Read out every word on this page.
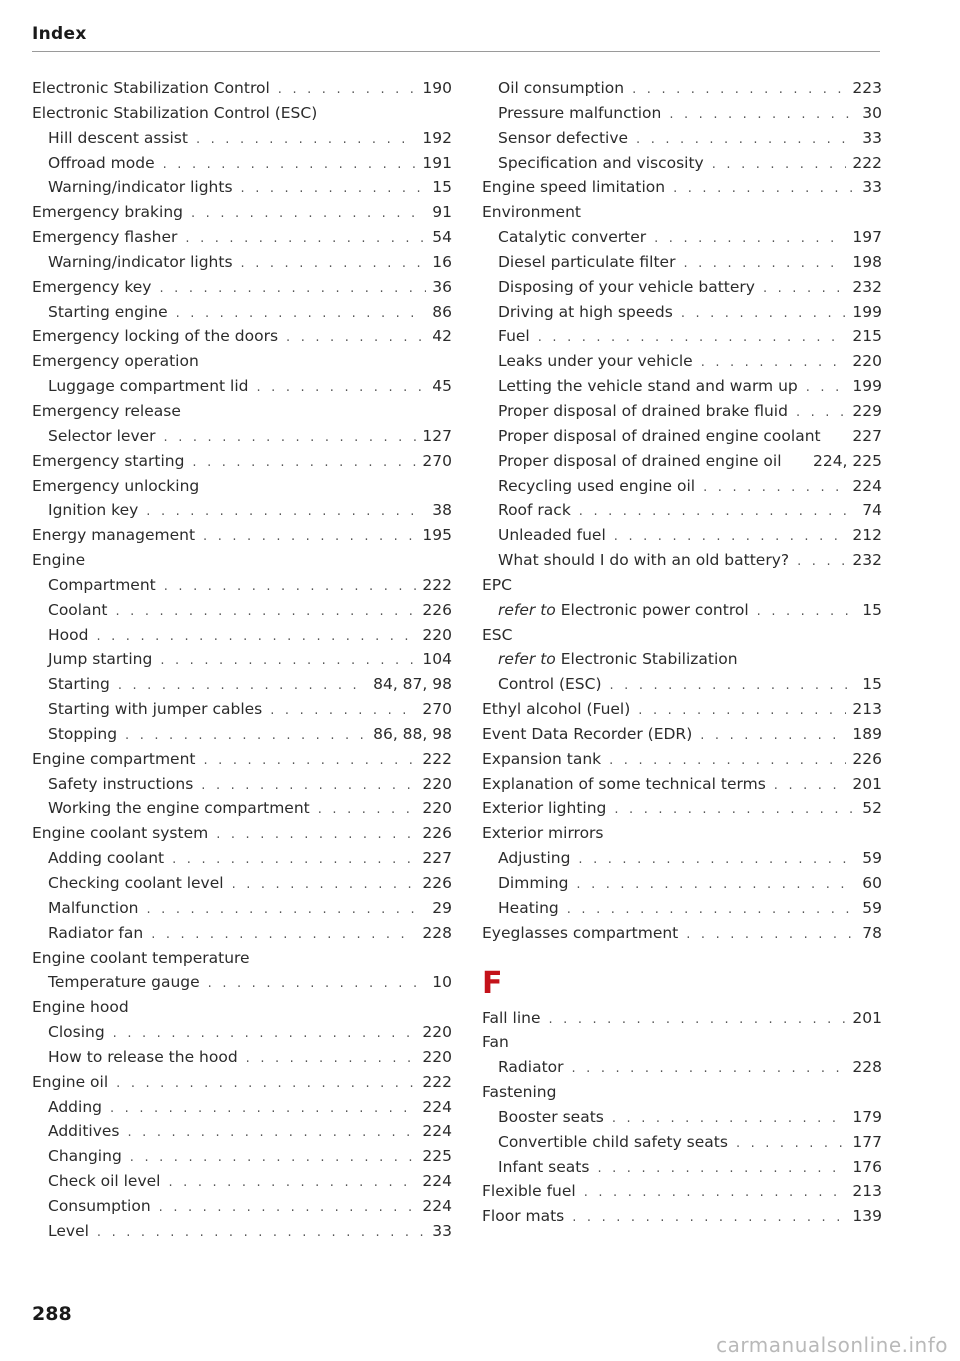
Index
Electronic Stabilization Control . . .	190
Electronic Stabilization Control (ESC)
Hill descent assist . . .	192
Offroad mode . . .	191
Warning/indicator lights . . .	15
Emergency braking . . .	91
Emergency flasher . . .	54
Warning/indicator lights . . .	16
Emergency key . . .	36
Starting engine . . .	86
Emergency locking of the doors . . .	42
Emergency operation
Luggage compartment lid . . .	45
Emergency release
Selector lever . . .	127
Emergency starting . . .	270
Emergency unlocking
Ignition key . . .	38
Energy management . . .	195
Engine
Compartment . . .	222
Coolant . . .	226
Hood . . .	220
Jump starting . . .	104
Starting . . .	84, 87, 98
Starting with jumper cables . . .	270
Stopping . . .	86, 88, 98
Engine compartment . . .	222
Safety instructions . . .	220
Working the engine compartment . . .	220
Engine coolant system . . .	226
Adding coolant . . .	227
Checking coolant level . . .	226
Malfunction . . .	29
Radiator fan . . .	228
Engine coolant temperature
Temperature gauge . . .	10
Engine hood
Closing . . .	220
How to release the hood . . .	220
Engine oil . . .	222
Adding . . .	224
Additives . . .	224
Changing . . .	225
Check oil level . . .	224
Consumption . . .	224
Level . . .	33
Oil consumption . . .	223
Pressure malfunction . . .	30
Sensor defective . . .	33
Specification and viscosity . . .	222
Engine speed limitation . . .	33
Environment
Catalytic converter . . .	197
Diesel particulate filter . . .	198
Disposing of your vehicle battery . . .	232
Driving at high speeds . . .	199
Fuel . . .	215
Leaks under your vehicle . . .	220
Letting the vehicle stand and warm up . . .	199
Proper disposal of drained brake fluid . . .	229
Proper disposal of drained engine coolant 227
Proper disposal of drained engine oil 224, 225
Recycling used engine oil . . .	224
Roof rack . . .	74
Unleaded fuel . . .	212
What should I do with an old battery? . . .	232
EPC
refer to Electronic power control . . .	15
ESC
refer to Electronic Stabilization
Control (ESC) . . .	15
Ethyl alcohol (Fuel) . . .	213
Event Data Recorder (EDR) . . .	189
Expansion tank . . .	226
Explanation of some technical terms . . .	201
Exterior lighting . . .	52
Exterior mirrors
Adjusting . . .	59
Dimming . . .	60
Heating . . .	59
Eyeglasses compartment . . .	78
F
Fall line . . .	201
Fan
Radiator . . .	228
Fastening
Booster seats . . .	179
Convertible child safety seats . . .	177
Infant seats . . .	176
Flexible fuel . . .	213
Floor mats . . .	139
288
carmanualsonline.info
